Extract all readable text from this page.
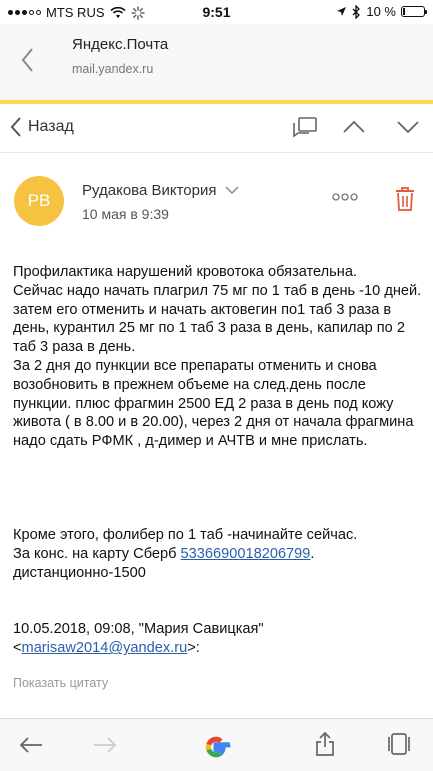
MTS RUS	9:51	10 %
Яндекс.Почта
mail.yandex.ru
Назад
РВ
Рудакова Виктория
10 мая в 9:39

Профилактика нарушений кровотока обязательна.
Сейчас надо начать плагрил 75 мг по 1 таб в день -10 дней. затем его отменить и начать актовегин по1 таб 3 раза в день, курантил 25 мг по 1 таб 3 раза в день, капилар по 2 таб 3 раза в день.
За 2 дня до пункции все препараты отменить и снова возобновить в прежнем объеме на след.день после пункции. плюс фрагмин 2500 ЕД 2 раза в день под кожу живота ( в 8.00 и в 20.00), через 2 дня от начала фрагмина надо сдать РФМК , д-димер и АЧТВ и мне прислать.

Кроме этого, фолибер по 1 таб -начинайте сейчас.
За конс. на карту Сберб 5336690018206799.
дистанционно-1500

10.05.2018, 09:08, "Мария Савицкая"
<marisaw2014@yandex.ru>:

Показать цитату
